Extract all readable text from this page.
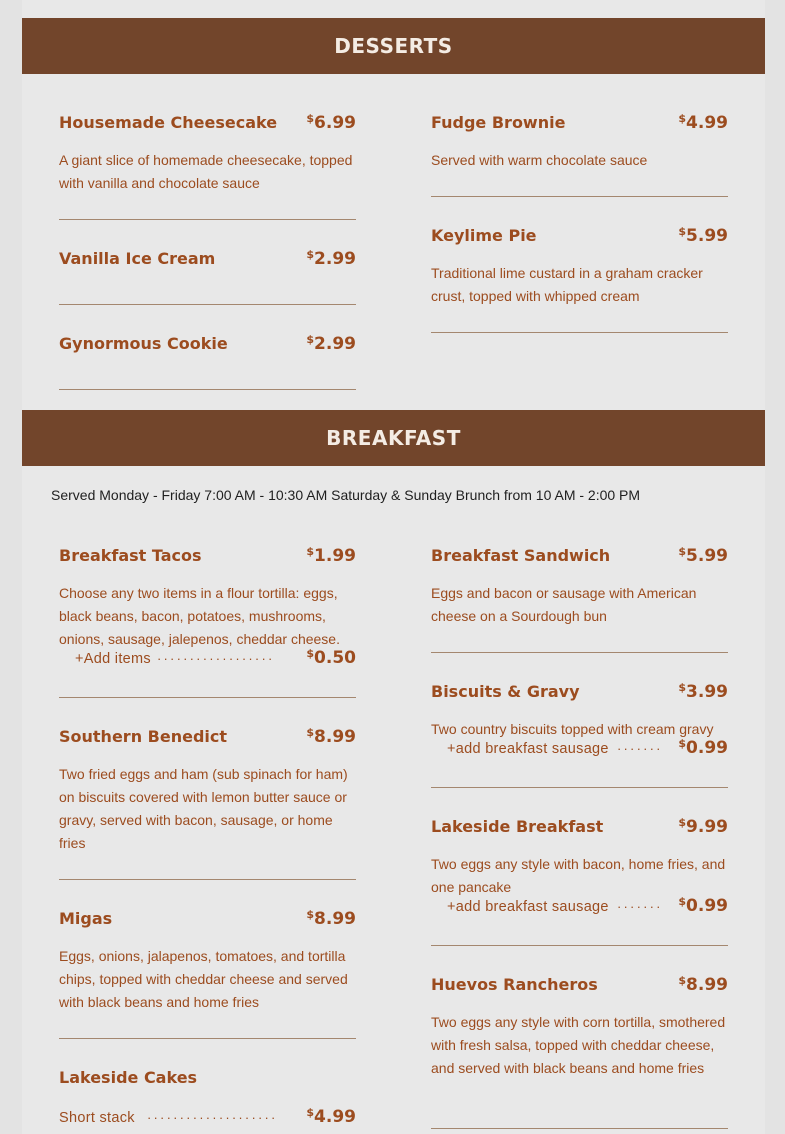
DESSERTS
Housemade Cheesecake	$6.99
A giant slice of homemade cheesecake, topped with vanilla and chocolate sauce
Vanilla Ice Cream	$2.99
Gynormous Cookie	$2.99
Fudge Brownie	$4.99
Served with warm chocolate sauce
Keylime Pie	$5.99
Traditional lime custard in a graham cracker crust, topped with whipped cream
BREAKFAST
Served Monday - Friday 7:00 AM - 10:30 AM Saturday & Sunday Brunch from 10 AM - 2:00 PM
Breakfast Tacos	$1.99
Choose any two items in a flour tortilla: eggs, black beans, bacon, potatoes, mushrooms, onions, sausage, jalepenos, cheddar cheese.
+Add items ··················	$0.50
Southern Benedict	$8.99
Two fried eggs and ham (sub spinach for ham) on biscuits covered with lemon butter sauce or gravy, served with bacon, sausage, or home fries
Migas	$8.99
Eggs, onions, jalapenos, tomatoes, and tortilla chips, topped with cheddar cheese and served with black beans and home fries
Lakeside Cakes
Short stack ····················	$4.99
Breakfast Sandwich	$5.99
Eggs and bacon or sausage with American cheese on a Sourdough bun
Biscuits & Gravy	$3.99
Two country biscuits topped with cream gravy
+add breakfast sausage ·······	$0.99
Lakeside Breakfast	$9.99
Two eggs any style with bacon, home fries, and one pancake
+add breakfast sausage ·······	$0.99
Huevos Rancheros	$8.99
Two eggs any style with corn tortilla, smothered with fresh salsa, topped with cheddar cheese, and served with black beans and home fries
